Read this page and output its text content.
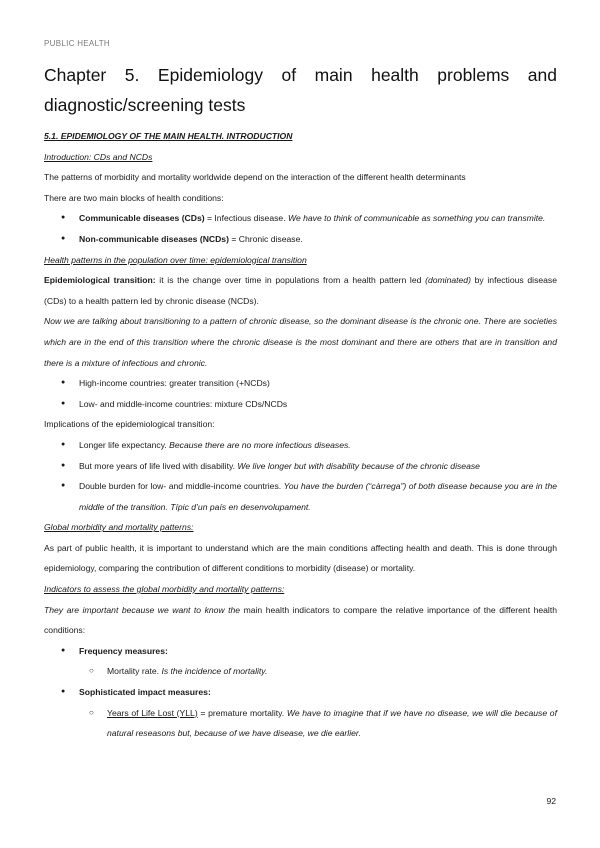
PUBLIC HEALTH
Chapter 5. Epidemiology of main health problems and diagnostic/screening tests

5.1. EPIDEMIOLOGY OF THE MAIN HEALTH. INTRODUCTION

Introduction: CDs and NCDs

The patterns of morbidity and mortality worldwide depend on the interaction of the different health determinants

There are two main blocks of health conditions:

● Communicable diseases (CDs) = Infectious disease. We have to think of communicable as something you can transmite.
● Non-communicable diseases (NCDs) = Chronic disease.

Health patterns in the population over time: epidemiological transition

Epidemiological transition: it is the change over time in populations from a health pattern led (dominated) by infectious disease (CDs) to a health pattern led by chronic disease (NCDs).

Now we are talking about transitioning to a pattern of chronic disease, so the dominant disease is the chronic one. There are societies which are in the end of this transition where the chronic disease is the most dominant and there are others that are in transition and there is a mixture of infectious and chronic.

● High-income countries: greater transition (+NCDs)
● Low- and middle-income countries: mixture CDs/NCDs

Implications of the epidemiological transition:

● Longer life expectancy. Because there are no more infectious diseases.
● But more years of life lived with disability. We live longer but with disability because of the chronic disease
● Double burden for low- and middle-income countries. You have the burden (“càrrega”) of both disease because you are in the middle of the transition. Típic d’un país en desenvolupament.

Global morbidity and mortality patterns:

As part of public health, it is important to understand which are the main conditions affecting health and death. This is done through epidemiology, comparing the contribution of different conditions to morbidity (disease) or mortality.

Indicators to assess the global morbidity and mortality patterns:

They are important because we want to know the main health indicators to compare the relative importance of the different health conditions:

● Frequency measures:
○ Mortality rate. Is the incidence of mortality.
● Sophisticated impact measures:
○ Years of Life Lost (YLL) = premature mortality. We have to imagine that if we have no disease, we will die because of natural reseasons but, because of we have disease, we die earlier.
92
